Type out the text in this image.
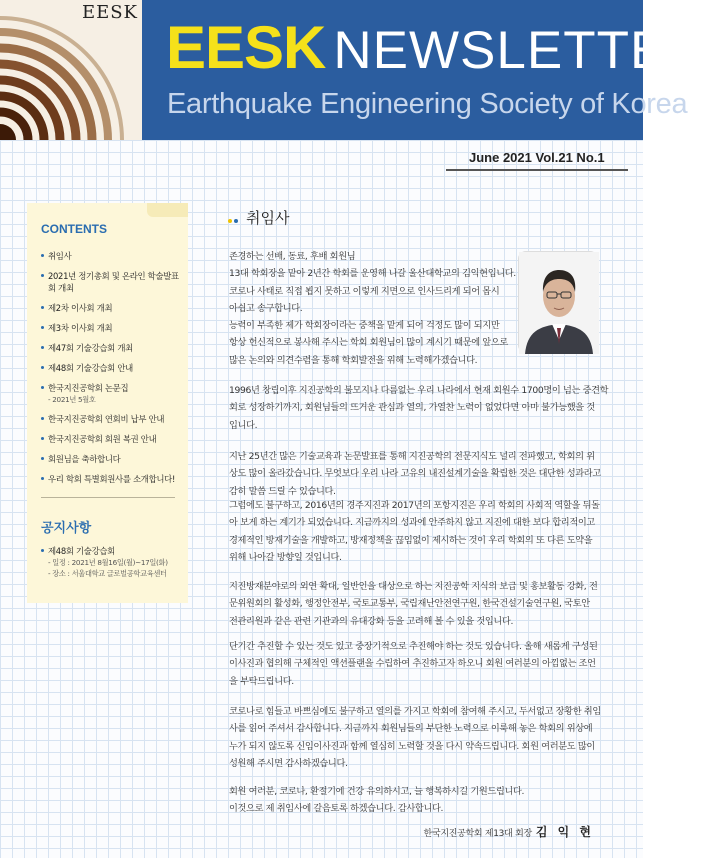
EESK
EESK NEWSLETTER
Earthquake Engineering Society of Korea
June 2021 Vol.21 No.1
CONTENTS
취임사
2021년 정기총회 및 온라인 학술발표회 개최
제2차 이사회 개최
제3차 이사회 개최
제47회 기술강습회 개최
제48회 기술강습회 안내
한국지진공학회 논문집
- 2021년 5월호
한국지진공학회 연회비 납부 안내
한국지진공학회 회원 복권 안내
회원님을 축하합니다
우리 학회 특별회원사를 소개합니다!
공지사항
제48회 기술강습회
- 일정 : 2021년 8월16일(월)~17일(화)
- 장소 : 서울대학교 글로벌공학교육센터
취임사

존경하는 선배, 동료, 후배 회원님

13대 학회장을 맡아 2년간 학회를 운영해 나갈 울산대학교의 김익현입니다.

코로나 사태로 직접 뵙지 못하고 이렇게 지면으로 인사드리게 되어 몹시

아쉽고 송구합니다.

능력이 부족한 제가 학회장이라는 중책을 맡게 되어 걱정도 많이 되지만

항상 헌신적으로 봉사해 주시는 학회 회원님이 많이 계시기 때문에 앞으로

많은 논의와 의견수렴을 통해 학회발전을 위해 노력해가겠습니다.

1996년 창립이후 지진공학의 불모지나 다름없는 우리 나라에서 현재 회원수 1700명이 넘는 중견학

회로 성장하기까지, 회원님들의 뜨거운 관심과 열의, 가열찬 노력이 없었다면 아마 불가능했을 것

입니다.

지난 25년간 많은 기술교육과 논문발표를 통해 지진공학의 전문지식도 널리 전파했고, 학회의 위

상도 많이 올라갔습니다. 무엇보다 우리 나라 고유의 내진설계기술을 확립한 것은 대단한 성과라고

감히 말씀 드릴 수 있습니다.

그럼에도 불구하고, 2016년의 경주지진과 2017년의 포항지진은 우리 학회의 사회적 역할을 뒤돌

아 보게 하는 계기가 되었습니다. 지금까지의 성과에 안주하지 않고 지진에 대한 보다 합리적이고

경제적인 방재기술을 개발하고, 방재정책을 끊임없이 제시하는 것이 우리 학회의 또 다른 도약을

위해 나아갈 방향일 것입니다.

지진방재분야로의 외연 확대, 일반인을 대상으로 하는 지진공학 지식의 보급 및 홍보활동 강화, 전

문위원회의 활성화, 행정안전부, 국토교통부, 국립재난안전연구원, 한국건설기술연구원, 국토안

전관리원과 같은 관련 기관과의 유대강화 등을 고려해 볼 수 있을 것입니다.

단기간 추진할 수 있는 것도 있고 중장기적으로 추진해야 하는 것도 있습니다. 올해 새롭게 구성된

이사진과 협의해 구체적인 액션플랜을 수립하여 추진하고자 하오니 회원 여러분의 아낌없는 조언

을 부탁드립니다.

코로나로 힘들고 바쁘심에도 불구하고 열의를 가지고 학회에 참여해 주시고, 두서없고 장황한 취임

사를 읽어 주셔서 감사합니다. 지금까지 회원님들의 부단한 노력으로 이룩해 놓은 학회의 위상에

누가 되지 않도록 신임이사진과 함께 열심히 노력할 것을 다시 약속드립니다. 회원 여러분도 많이

성원해 주시면 감사하겠습니다.

회원 여러분, 코로나, 환절기에 건강 유의하시고, 늘 행복하시길 기원드립니다.

이것으로 제 취임사에 갈음토록 하겠습니다. 감사합니다.

한국지진공학회 제13대 회장 김 익 현
